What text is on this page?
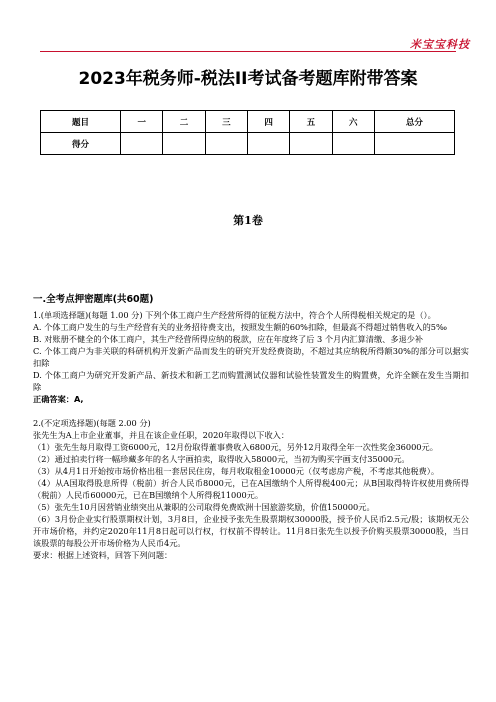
米宝宝科技
2023年税务师-税法II考试备考题库附带答案
题目	一	二	三	四	五	六	总分
得分							
第1卷
一.全考点押密题库(共60题)

1.(单项选择题)(每题 1.00 分) 下列个体工商户生产经营所得的征税方法中，符合个人所得税相关规定的是（）。

A. 个体工商户发生的与生产经营有关的业务招待费支出，按照发生额的60%扣除，但最高不得超过销售收入的5‰

B. 对账册不健全的个体工商户，其生产经营所得应纳的税款，应在年度终了后 3 个月内汇算清缴、多退少补

C. 个体工商户为非关联的科研机构开发新产品而发生的研究开发经费资助，不超过其应纳税所得额30%的部分可以据实扣除

D. 个体工商户为研究开发新产品、新技术和新工艺而购置测试仪器和试验性装置发生的购置费，允许全额在发生当期扣除

正确答案：A,

2.(不定项选择题)(每题 2.00 分)

张先生为A上市企业董事，并且在该企业任职，2020年取得以下收入：

（1）张先生每月取得工资6000元，12月份取得董事费收入6800元，另外12月取得全年一次性奖金36000元。

（2）通过拍卖行将一幅珍藏多年的名人字画拍卖，取得收入58000元，当初为购买字画支付35000元。

（3）从4月1日开始按市场价格出租一套居民住房，每月收取租金10000元（仅考虑房产税，不考虑其他税费）。

（4）从A国取得股息所得（税前）折合人民币8000元，已在A国缴纳个人所得税400元；从B国取得特许权使用费所得（税前）人民币60000元，已在B国缴纳个人所得税11000元。

（5）张先生10月因营销业绩突出从兼职的公司取得免费欧洲十国旅游奖励，价值150000元。

（6）3月份企业实行股票期权计划，3月8日，企业授予张先生股票期权30000股，授予价人民币2.5元/股；该期权无公开市场价格，并约定2020年11月8日起可以行权，行权前不得转让。11月8日张先生以授予价购买股票30000股，当日该股票的每股公开市场价格为人民币4元。

要求：根据上述资料，回答下列问题：
